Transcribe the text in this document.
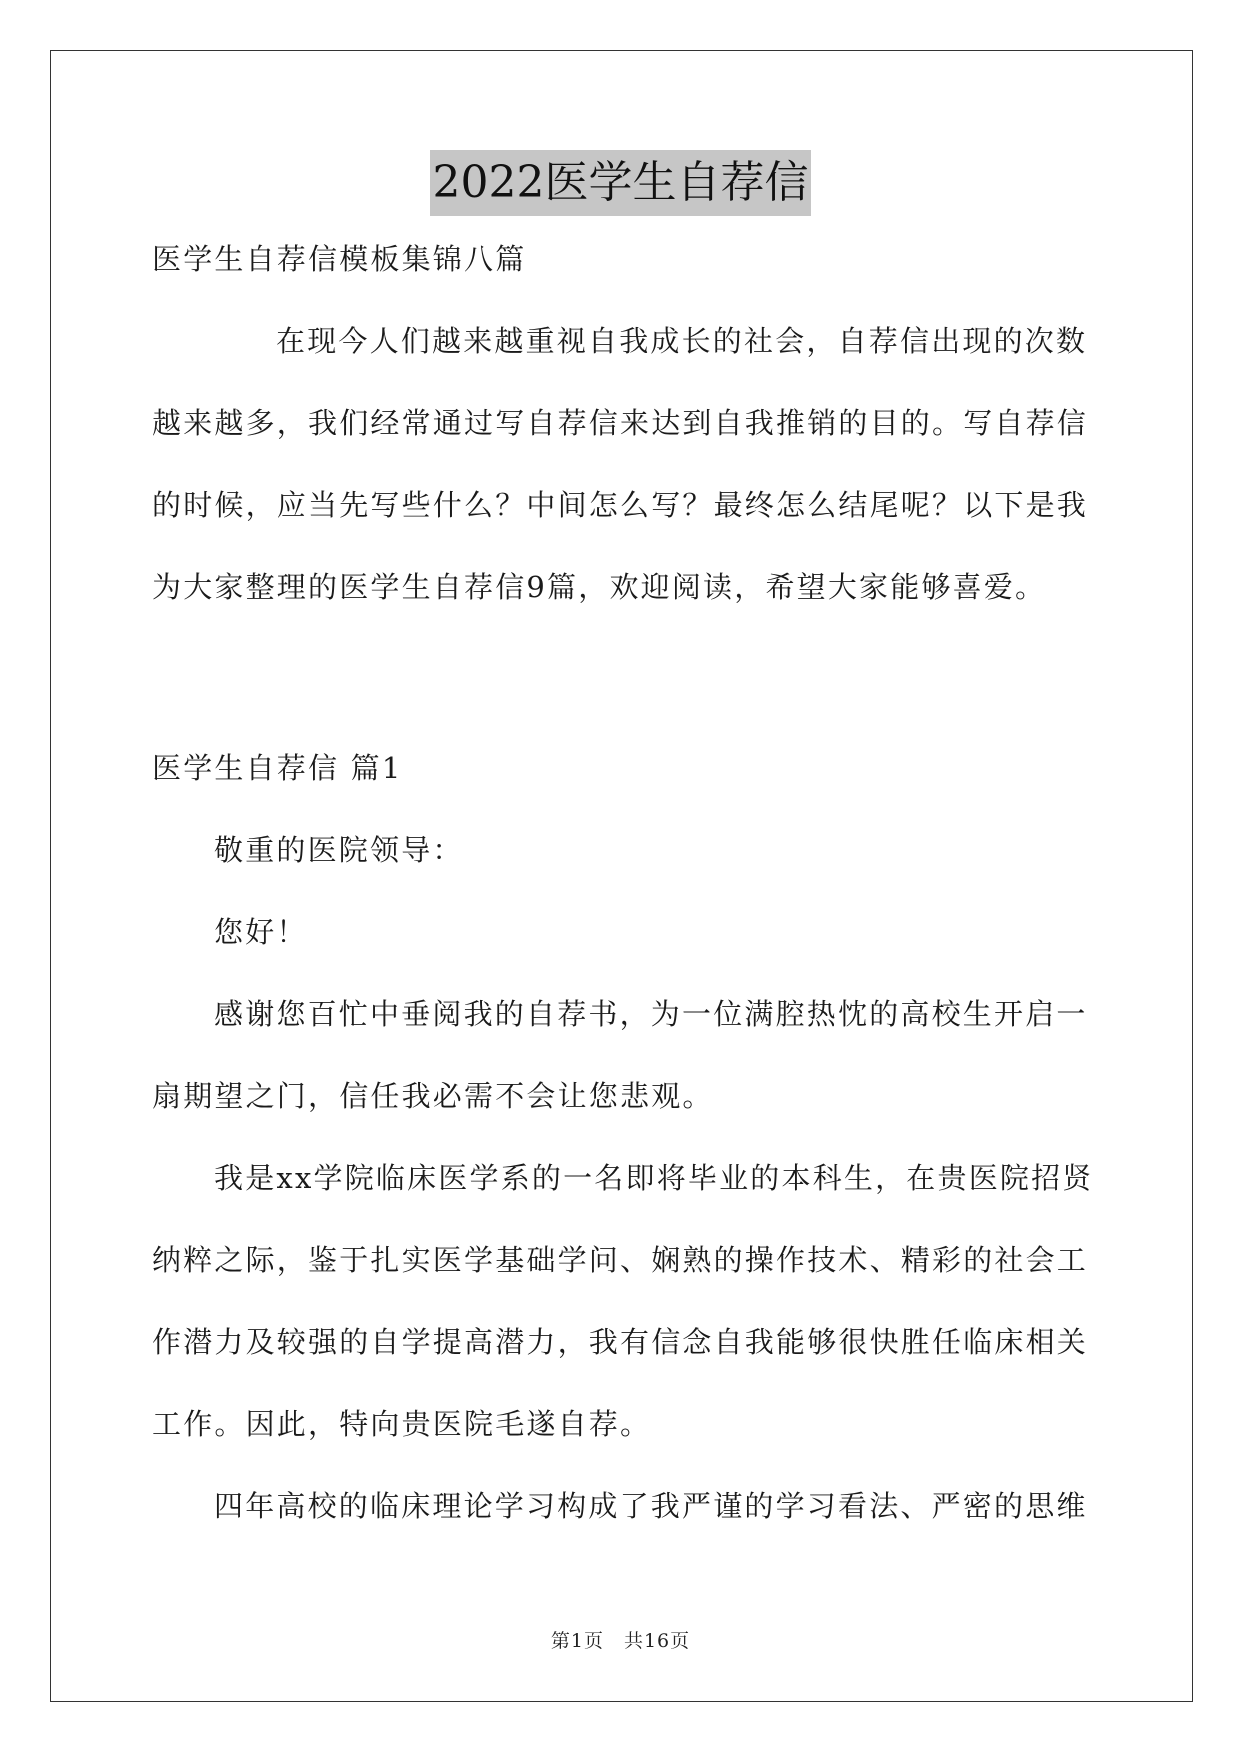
2022医学生自荐信

医学生自荐信模板集锦八篇

在现今人们越来越重视自我成长的社会，自荐信出现的次数
越来越多，我们经常通过写自荐信来达到自我推销的目的。写自荐信
的时候，应当先写些什么？中间怎么写？最终怎么结尾呢？以下是我
为大家整理的医学生自荐信9篇，欢迎阅读，希望大家能够喜爱。

医学生自荐信 篇1

敬重的医院领导：

您好！

感谢您百忙中垂阅我的自荐书，为一位满腔热忱的高校生开启一
扇期望之门，信任我必需不会让您悲观。

我是xx学院临床医学系的一名即将毕业的本科生，在贵医院招贤
纳粹之际，鉴于扎实医学基础学问、娴熟的操作技术、精彩的社会工
作潜力及较强的自学提高潜力，我有信念自我能够很快胜任临床相关
工作。因此，特向贵医院毛遂自荐。

四年高校的临床理论学习构成了我严谨的学习看法、严密的思维

第1页　共16页
